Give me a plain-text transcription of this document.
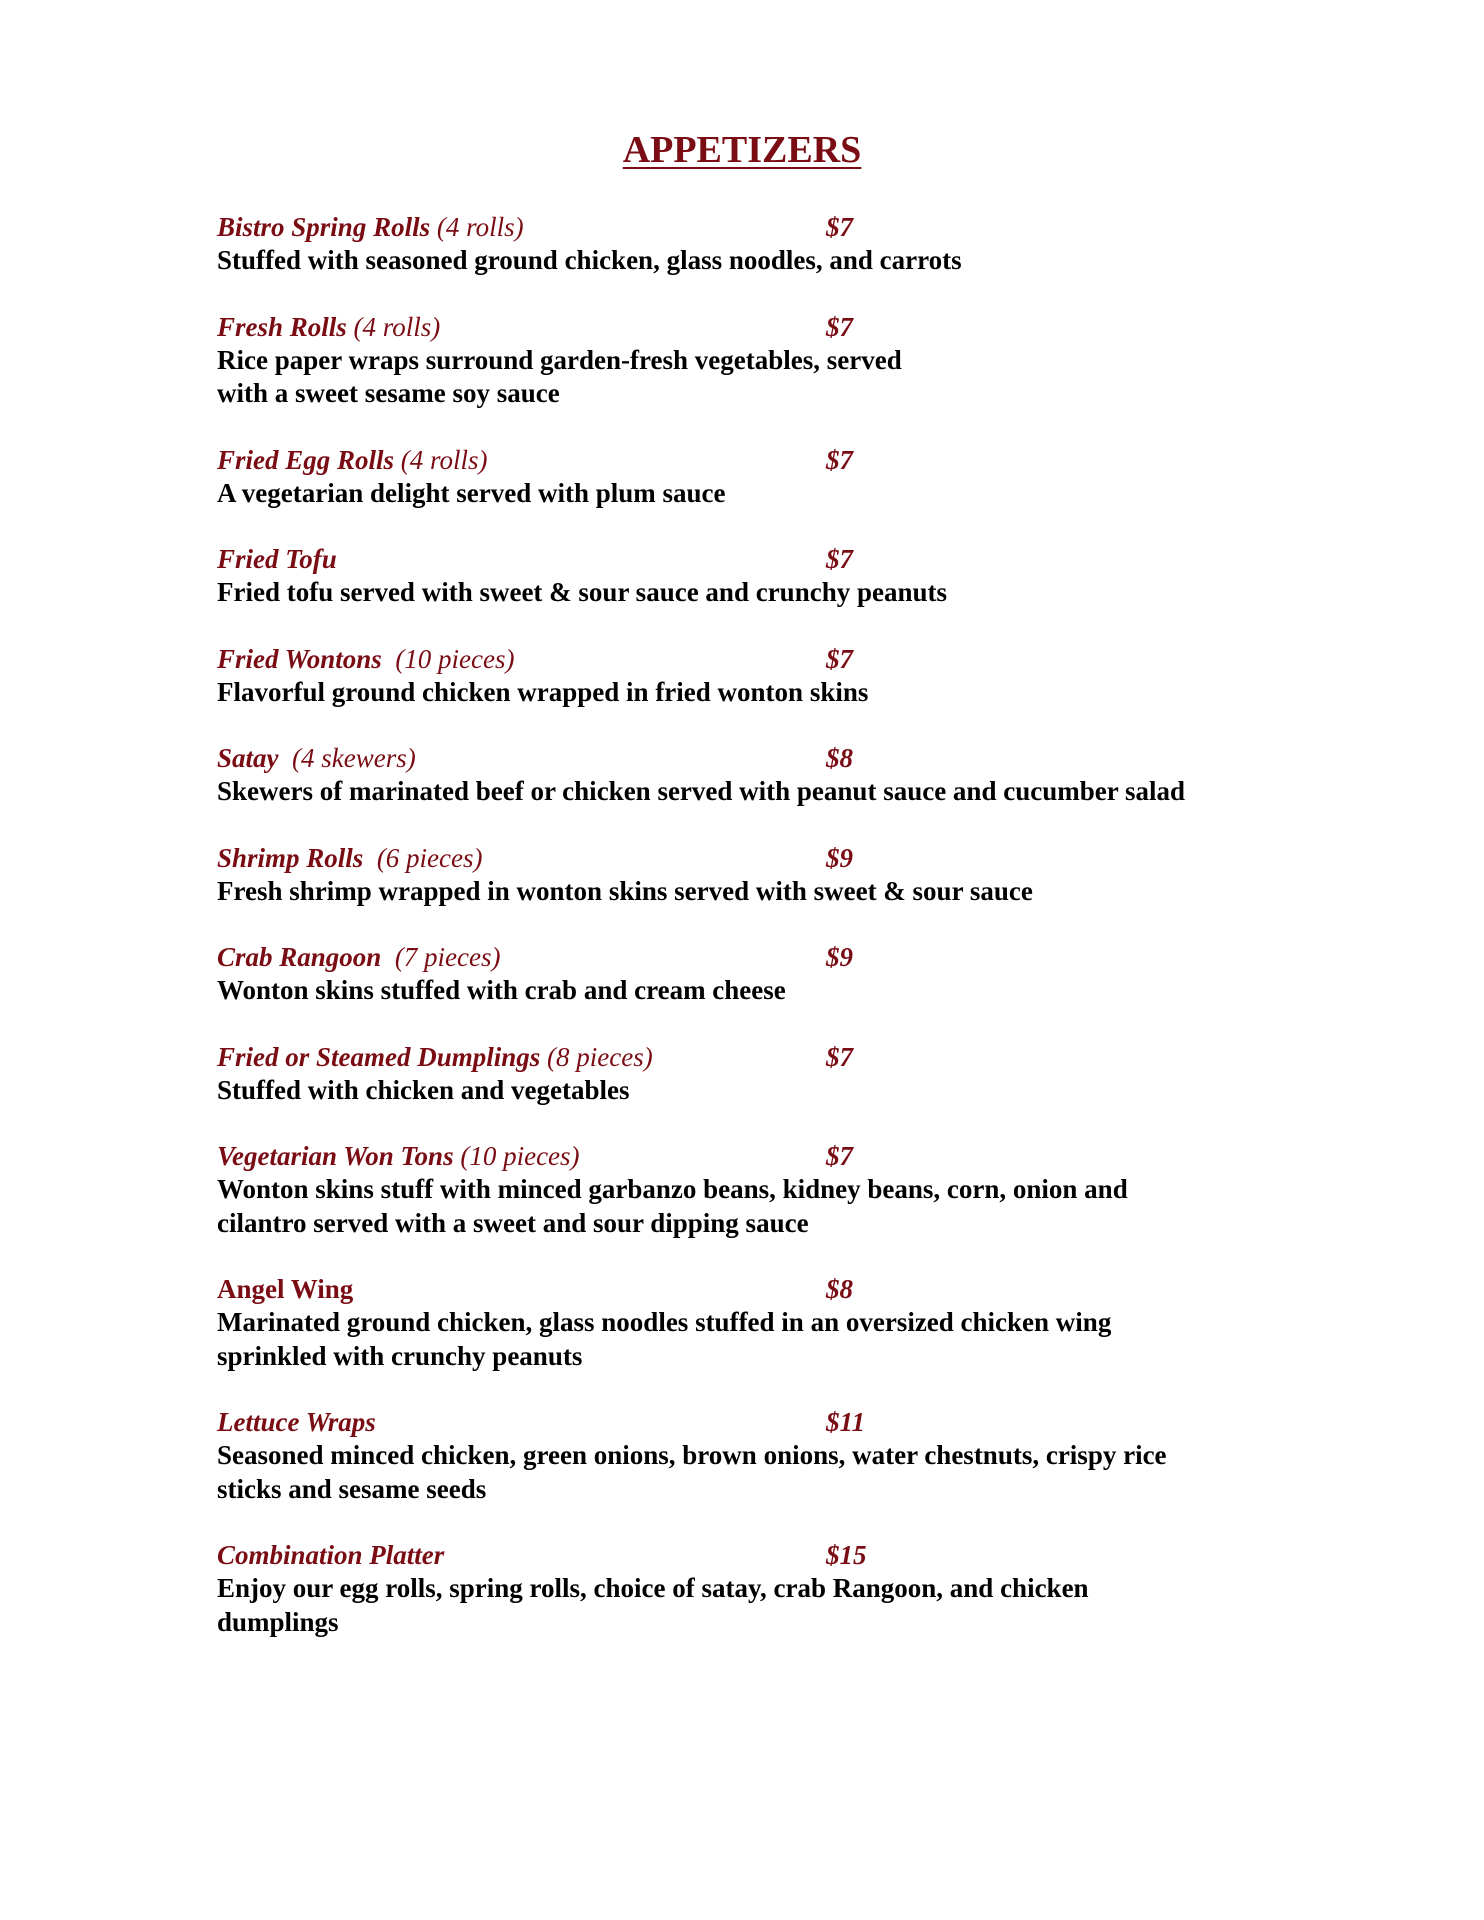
APPETIZERS
Bistro Spring Rolls (4 rolls)	$7

Stuffed with seasoned ground chicken, glass noodles, and carrots

Fresh Rolls (4 rolls)	$7

Rice paper wraps surround garden-fresh vegetables, served
with a sweet sesame soy sauce

Fried Egg Rolls (4 rolls)	$7

A vegetarian delight served with plum sauce

Fried Tofu	$7

Fried tofu served with sweet & sour sauce and crunchy peanuts

Fried Wontons  (10 pieces)	$7

Flavorful ground chicken wrapped in fried wonton skins

Satay  (4 skewers)	$8

Skewers of marinated beef or chicken served with peanut sauce and cucumber salad

Shrimp Rolls  (6 pieces)	$9

Fresh shrimp wrapped in wonton skins served with sweet & sour sauce

Crab Rangoon  (7 pieces)	$9

Wonton skins stuffed with crab and cream cheese

Fried or Steamed Dumplings (8 pieces)	$7

Stuffed with chicken and vegetables

Vegetarian Won Tons (10 pieces)	$7

Wonton skins stuff with minced garbanzo beans, kidney beans, corn, onion and
cilantro served with a sweet and sour dipping sauce

Angel Wing	$8

Marinated ground chicken, glass noodles stuffed in an oversized chicken wing
sprinkled with crunchy peanuts

Lettuce Wraps	$11

Seasoned minced chicken, green onions, brown onions, water chestnuts, crispy rice
sticks and sesame seeds

Combination Platter	$15

Enjoy our egg rolls, spring rolls, choice of satay, crab Rangoon, and chicken
dumplings
